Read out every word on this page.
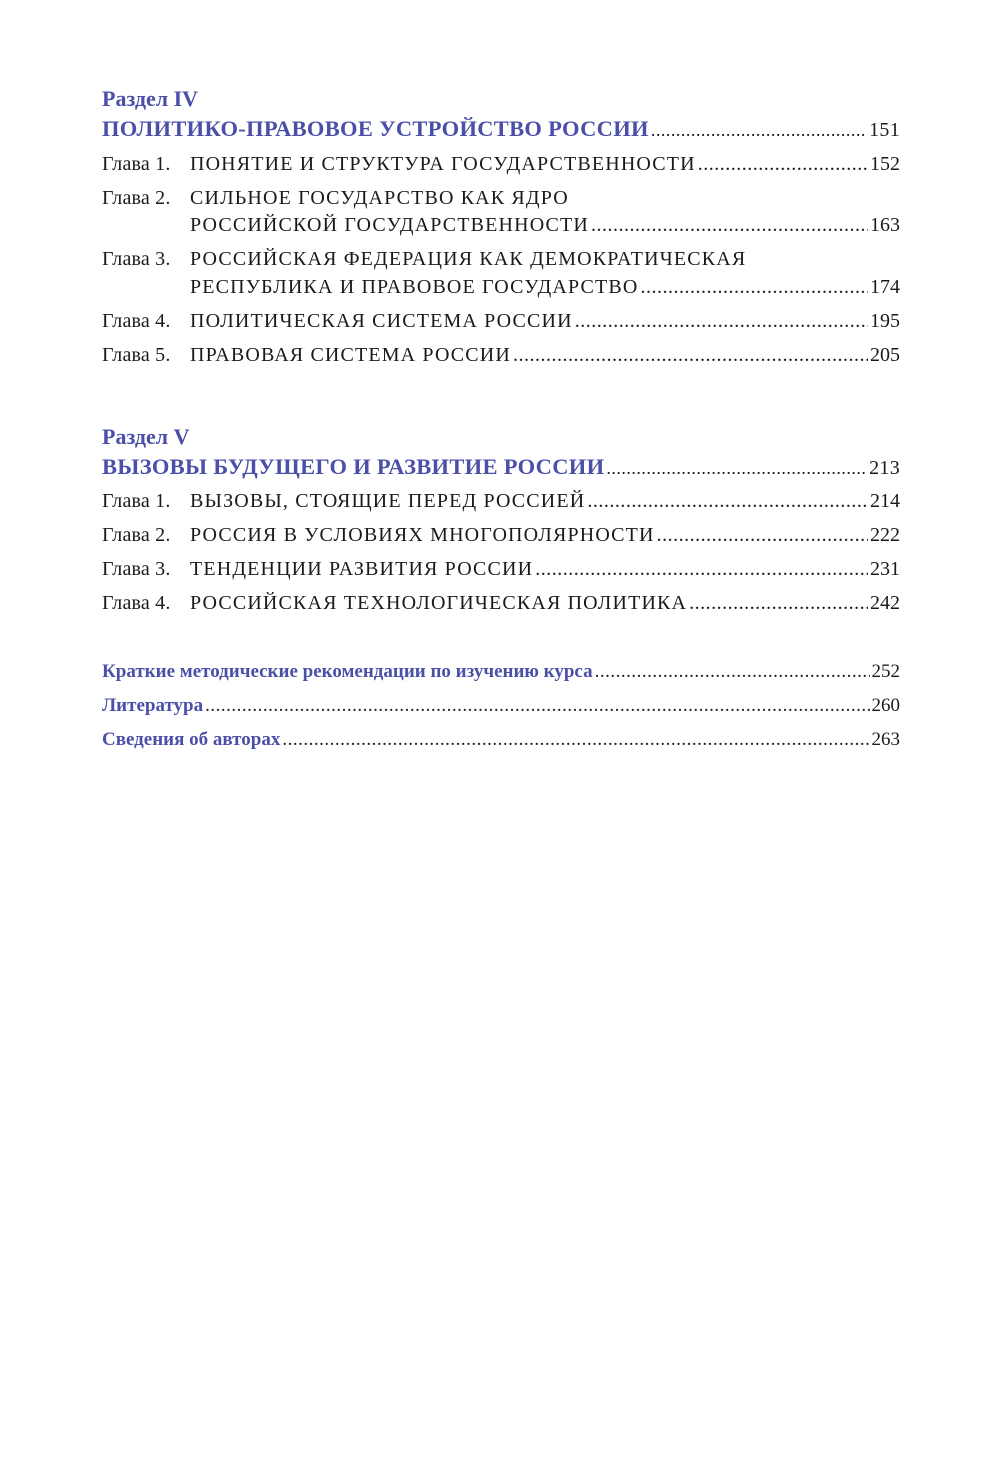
Раздел IV
ПОЛИТИКО-ПРАВОВОЕ УСТРОЙСТВО РОССИИ .....	151
Глава 1. ПОНЯТИЕ И СТРУКТУРА ГОСУДАРСТВЕННОСТИ .....	152
Глава 2. СИЛЬНОЕ ГОСУДАРСТВО КАК ЯДРО
РОССИЙСКОЙ ГОСУДАРСТВЕННОСТИ .....	163
Глава 3. РОССИЙСКАЯ ФЕДЕРАЦИЯ КАК ДЕМОКРАТИЧЕСКАЯ
РЕСПУБЛИКА И ПРАВОВОЕ ГОСУДАРСТВО .....	174
Глава 4. ПОЛИТИЧЕСКАЯ СИСТЕМА РОССИИ .....	195
Глава 5. ПРАВОВАЯ СИСТЕМА РОССИИ .....	205
Раздел V
ВЫЗОВЫ БУДУЩЕГО И РАЗВИТИЕ РОССИИ .....	213
Глава 1. ВЫЗОВЫ, СТОЯЩИЕ ПЕРЕД РОССИЕЙ .....	214
Глава 2. РОССИЯ В УСЛОВИЯХ МНОГОПОЛЯРНОСТИ .....	222
Глава 3. ТЕНДЕНЦИИ РАЗВИТИЯ РОССИИ .....	231
Глава 4. РОССИЙСКАЯ ТЕХНОЛОГИЧЕСКАЯ ПОЛИТИКА .....	242
Краткие методические рекомендации по изучению курса .....	252
Литература .....	260
Сведения об авторах .....	263
